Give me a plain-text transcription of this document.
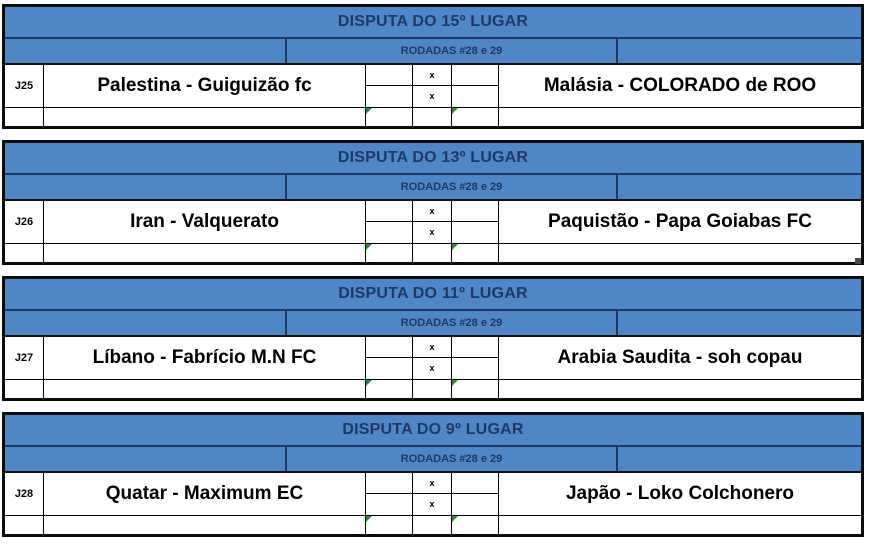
DISPUTA DO 15º LUGAR
RODADAS #28 e 29
J25	Palestina - Guiguizão fc
x
x	Malásia - COLORADO de ROO
DISPUTA DO 13º LUGAR
RODADAS #28 e 29
J26	Iran - Valquerato
x
x	Paquistão - Papa Goiabas FC
DISPUTA DO 11º LUGAR
RODADAS #28 e 29
J27	Líbano - Fabrício M.N FC
x
x	Arabia Saudita - soh copau
DISPUTA DO 9º LUGAR
RODADAS #28 e 29
J28	Quatar - Maximum EC
x
x	Japão - Loko Colchonero
